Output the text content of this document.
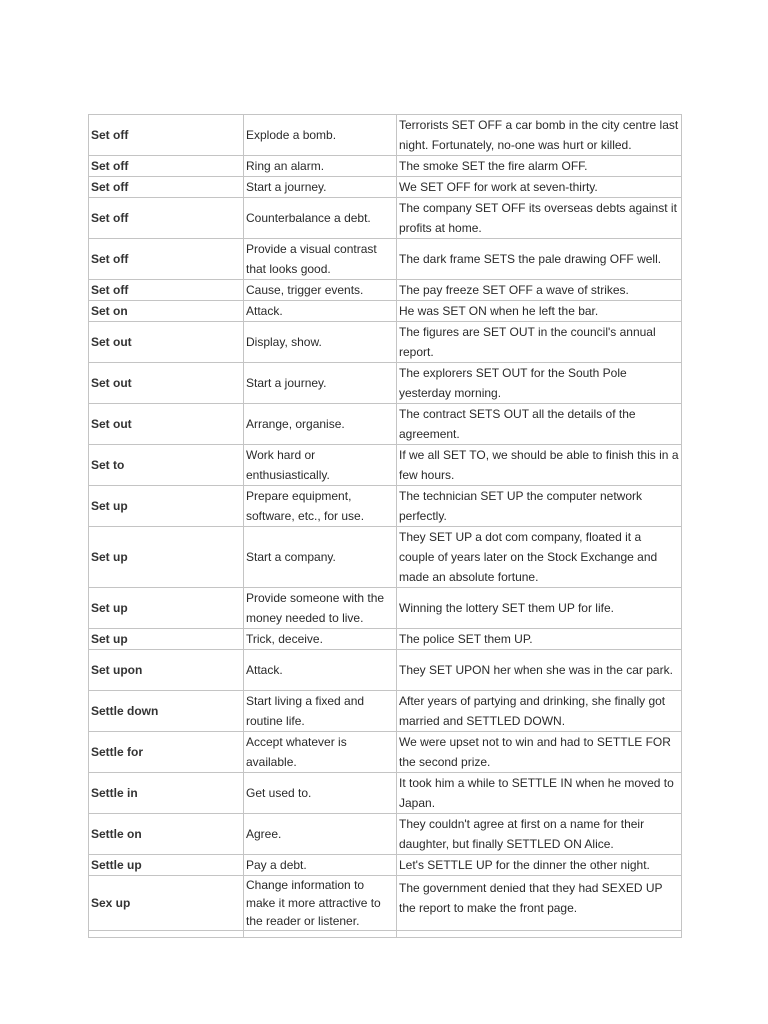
Set off	Explode a bomb.	Terrorists SET OFF a car bomb in the city centre last night. Fortunately, no-one was hurt or killed.
Set off	Ring an alarm.	The smoke SET the fire alarm OFF.
Set off	Start a journey.	We SET OFF for work at seven-thirty.
Set off	Counterbalance a debt.	The company SET OFF its overseas debts against it profits at home.
Set off	Provide a visual contrast that looks good.	The dark frame SETS the pale drawing OFF well.
Set off	Cause, trigger events.	The pay freeze SET OFF a wave of strikes.
Set on	Attack.	He was SET ON when he left the bar.
Set out	Display, show.	The figures are SET OUT in the council's annual report.
Set out	Start a journey.	The explorers SET OUT for the South Pole yesterday morning.
Set out	Arrange, organise.	The contract SETS OUT all the details of the agreement.
Set to	Work hard or enthusiastically.	If we all SET TO, we should be able to finish this in a few hours.
Set up	Prepare equipment, software, etc., for use.	The technician SET UP the computer network perfectly.
Set up	Start a company.	They SET UP a dot com company, floated it a couple of years later on the Stock Exchange and made an absolute fortune.
Set up	Provide someone with the money needed to live.	Winning the lottery SET them UP for life.
Set up	Trick, deceive.	The police SET them UP.
Set upon	Attack.	They SET UPON her when she was in the car park.
Settle down	Start living a fixed and routine life.	After years of partying and drinking, she finally got married and SETTLED DOWN.
Settle for	Accept whatever is available.	We were upset not to win and had to SETTLE FOR the second prize.
Settle in	Get used to.	It took him a while to SETTLE IN when he moved to Japan.
Settle on	Agree.	They couldn't agree at first on a name for their daughter, but finally SETTLED ON Alice.
Settle up	Pay a debt.	Let's SETTLE UP for the dinner the other night.
Sex up	Change information to make it more attractive to the reader or listener.	The government denied that they had SEXED UP the report to make the front page.
